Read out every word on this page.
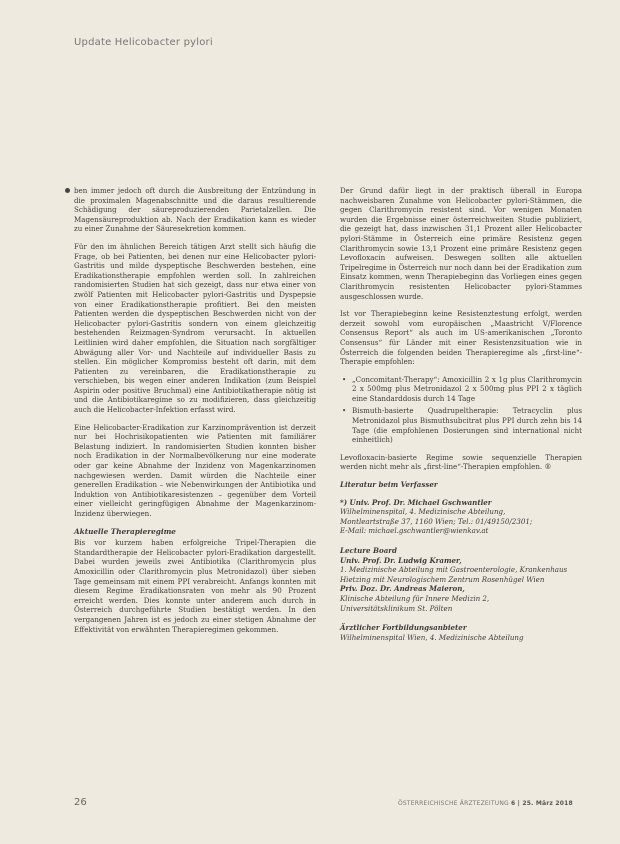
Update Helicobacter pylori

ben immer jedoch oft durch die Ausbreitung der Entzündung in die proximalen Magenabschnitte und die daraus resultierende Schädigung der säureproduzierenden Parietalzellen. Die Magensäureproduktion ab. Nach der Eradikation kann es wieder zu einer Zunahme der Säuresekretion kommen.

Für den im ähnlichen Bereich tätigen Arzt stellt sich häufig die Frage, ob bei Patienten, bei denen nur eine Helicobacter pylori-Gastritis und milde dyspeptische Beschwerden bestehen, eine Eradikationstherapie empfohlen werden soll. In zahlreichen randomisierten Studien hat sich gezeigt, dass nur etwa einer von zwölf Patienten mit Helicobacter pylori-Gastritis und Dyspepsie von einer Eradikationstherapie profitiert. Bei den meisten Patienten werden die dyspeptischen Beschwerden nicht von der Helicobacter pylori-Gastritis sondern von einem gleichzeitig bestehenden Reizmagen-Syndrom verursacht. In aktuellen Leitlinien wird daher empfohlen, die Situation nach sorgfältiger Abwägung aller Vor- und Nachteile auf individueller Basis zu stellen. Ein möglicher Kompromiss besteht oft darin, mit dem Patienten zu vereinbaren, die Eradikationstherapie zu verschieben, bis wegen einer anderen Indikation (zum Beispiel Aspirin oder positive Bruchmal) eine Antibiotikatherapie nötig ist und die Antibiotikaregime so zu modifizieren, dass gleichzeitig auch die Helicobacter-Infektion erfasst wird.

Eine Helicobacter-Eradikation zur Karzinomprävention ist derzeit nur bei Hochrisikopatienten wie Patienten mit familiärer Belastung indiziert. In randomisierten Studien konnten bisher noch Eradikation in der Normalbevölkerung nur eine moderate oder gar keine Abnahme der Inzidenz von Magenkarzinomen nachgewiesen werden. Damit würden die Nachteile einer generellen Eradikation – wie Nebenwirkungen der Antibiotika und Induktion von Antibiotikaresistenzen – gegenüber dem Vorteil einer vielleicht geringfügigen Abnahme der Magenkarzinom-Inzidenz überwiegen.

Aktuelle Therapieregime

Bis vor kurzem haben erfolgreiche Tripel-Therapien die Standardtherapie der Helicobacter pylori-Eradikation dargestellt. Dabei wurden jeweils zwei Antibiotika (Clarithromycin plus Amoxicillin oder Clarithromycin plus Metronidazol) über sieben Tage gemeinsam mit einem PPI verabreicht. Anfangs konnten mit diesem Regime Eradikationsraten von mehr als 90 Prozent erreicht werden. Dies konnte unter anderem auch durch in Österreich durchgeführte Studien bestätigt werden. In den vergangenen Jahren ist es jedoch zu einer stetigen Abnahme der Effektivität von erwähnten Therapieregimen gekommen.

Der Grund dafür liegt in der praktisch überall in Europa nachweisbaren Zunahme von Helicobacter pylori-Stämmen, die gegen Clarithromycin resistent sind. Vor wenigen Monaten wurden die Ergebnisse einer österreichweiten Studie publiziert, die gezeigt hat, dass inzwischen 31,1 Prozent aller Helicobacter pylori-Stämme in Österreich eine primäre Resistenz gegen Clarithromycin sowie 13,1 Prozent eine primäre Resistenz gegen Levofloxacin aufweisen. Deswegen sollten alle aktuellen Tripelregime in Österreich nur noch dann bei der Eradikation zum Einsatz kommen, wenn Therapiebeginn das Vorliegen eines gegen Clarithromycin resistenten Helicobacter pylori-Stammes ausgeschlossen wurde.

Ist vor Therapiebeginn keine Resistenztestung erfolgt, werden derzeit sowohl vom europäischen „Maastricht V/Florence Consensus Report“ als auch im US-amerikanischen „Toronto Consensus“ für Länder mit einer Resistenzsituation wie in Österreich die folgenden beiden Therapieregime als „first-line“-Therapie empfohlen:

• „Concomitant-Therapy“: Amoxicillin 2 x 1g plus Clarithromycin 2 x 500mg plus Metronidazol 2 x 500mg plus PPI 2 x täglich eine Standarddosis durch 14 Tage
• Bismuth-basierte Quadrupeltherapie: Tetracyclin plus Metronidazol plus Bismuthsubcitrat plus PPI durch zehn bis 14 Tage (die empfohlenen Dosierungen sind international nicht einheitlich)

Levofloxacin-basierte Regime sowie sequenzielle Therapien werden nicht mehr als „first-line“-Therapien empfohlen. ®

Literatur beim Verfasser
*) Univ. Prof. Dr. Michael Gschwantler
Wilhelminenspital, 4. Medizinische Abteilung,
Montleartstraße 37, 1160 Wien; Tel.: 01/49150/2301;
E-Mail: michael.gschwantler@wienkav.at
Lecture Board
Univ. Prof. Dr. Ludwig Kramer,
1. Medizinische Abteilung mit Gastroenterologie, Krankenhaus
Hietzing mit Neurologischem Zentrum Rosenhügel Wien
Priv. Doz. Dr. Andreas Maieron,
Klinische Abteilung für Innere Medizin 2,
Universitätsklinikum St. Pölten
Ärztlicher Fortbildungsanbieter
Wilhelminenspital Wien, 4. Medizinische Abteilung
26	ÖSTERREICHISCHE ÄRZTEZEITUNG 6 | 25. März 2018
